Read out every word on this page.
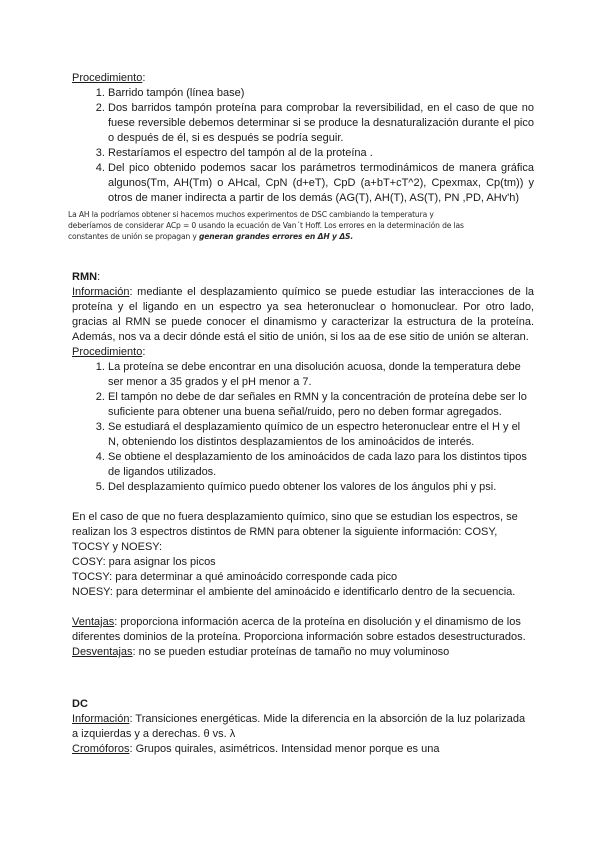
Procedimiento:

1. Barrido tampón (línea base)
2. Dos barridos tampón proteína para comprobar la reversibilidad, en el caso de que no fuese reversible debemos determinar si se produce la desnaturalización durante el pico o después de él, si es después se podría seguir.
3. Restaríamos el espectro del tampón al de la proteína .
4. Del pico obtenido podemos sacar los parámetros termodinámicos de manera gráfica algunos(Tm, AH(Tm) o AHcal, CpN (d+eT), CpD (a+bT+cT^2), Cpexmax, Cp(tm)) y otros de maner indirecta a partir de los demás (AG(T), AH(T), AS(T), PN ,PD, AHv'h)
La AH la podríamos obtener si hacemos muchos experimentos de DSC cambiando la temperatura y
deberíamos de considerar ACp = 0 usando la ecuación de Van´t Hoff. Los errores en la determinación de las
constantes de unión se propagan y generan grandes errores en ΔH y ΔS.

RMN:

Información: mediante el desplazamiento químico se puede estudiar las interacciones de la proteína y el ligando en un espectro ya sea heteronuclear o homonuclear. Por otro lado, gracias al RMN se puede conocer el dinamismo y caracterizar la estructura de la proteína. Además, nos va a decir dónde está el sitio de unión, si los aa de ese sitio de unión se alteran.

Procedimiento:

1. La proteína se debe encontrar en una disolución acuosa, donde la temperatura debe ser menor a 35 grados y el pH menor a 7.
2. El tampón no debe de dar señales en RMN y la concentración de proteína debe ser lo suficiente para obtener una buena señal/ruido, pero no deben formar agregados.
3. Se estudiará el desplazamiento químico de un espectro heteronuclear entre el H y el N, obteniendo los distintos desplazamientos de los aminoácidos de interés.
4. Se obtiene el desplazamiento de los aminoácidos de cada lazo para los distintos tipos de ligandos utilizados.
5. Del desplazamiento químico puedo obtener los valores de los ángulos phi y psi.

En el caso de que no fuera desplazamiento químico, sino que se estudian los espectros, se realizan los 3 espectros distintos de RMN para obtener la siguiente información: COSY, TOCSY y NOESY:

COSY: para asignar los picos

TOCSY: para determinar a qué aminoácido corresponde cada pico

NOESY: para determinar el ambiente del aminoácido e identificarlo dentro de la secuencia.

Ventajas: proporciona información acerca de la proteína en disolución y el dinamismo de los diferentes dominios de la proteína. Proporciona información sobre estados desestructurados.

Desventajas: no se pueden estudiar proteínas de tamaño no muy voluminoso

DC

Información: Transiciones energéticas. Mide la diferencia en la absorción de la luz polarizada a izquierdas y a derechas. θ vs. λ

Cromóforos: Grupos quirales, asimétricos. Intensidad menor porque es una
